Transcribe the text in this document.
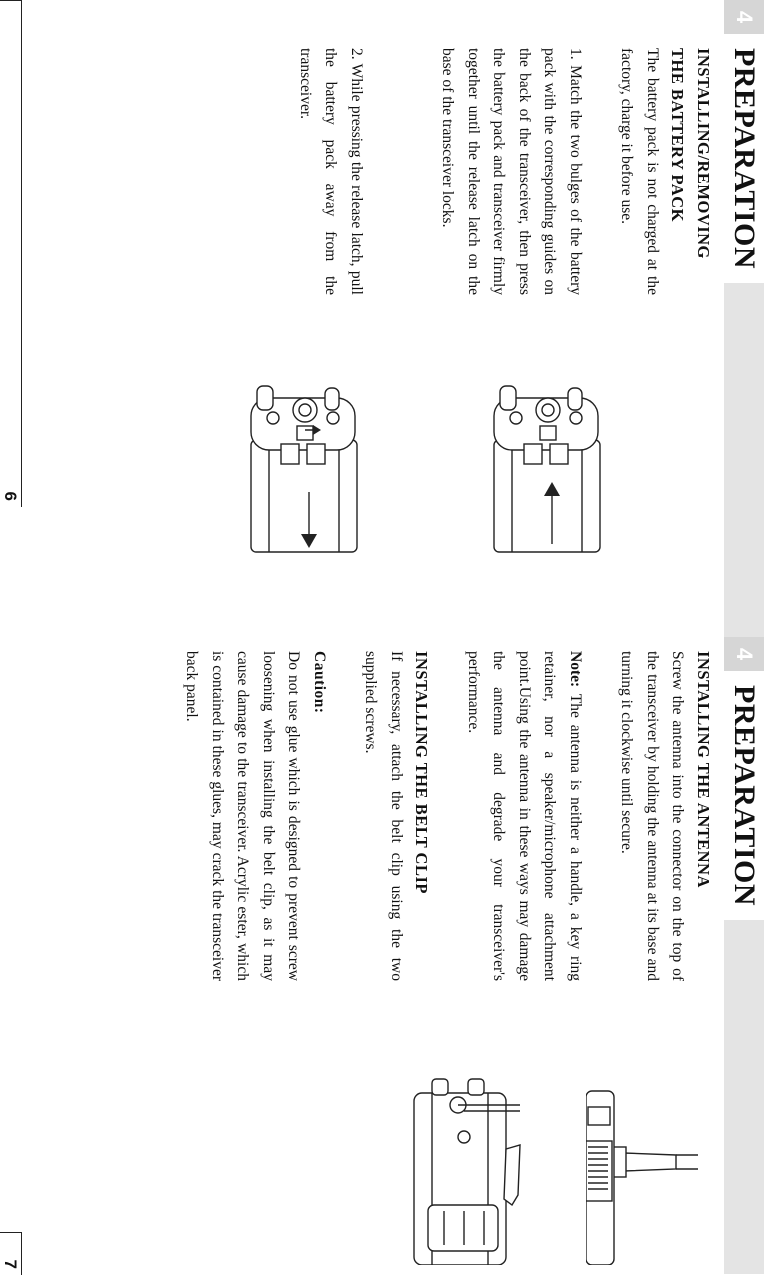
4
PREPARATION

INSTALLING/REMOVING THE BATTERY PACK

The battery pack is not charged at the factory, charge it before use.

1. Match the two bulges of the battery pack with the corresponding guides on the back of the transceiver, then press the battery pack and transceiver firmly together until the release latch on the base of the transceiver locks.

2. While pressing the release latch, pull the battery pack away from the transceiver.

6
4
PREPARATION

INSTALLING THE ANTENNA

Screw the antenna into the connector on the top of the transceiver by holding the antenna at its base and turning it clockwise until secure.

Note: The antenna is neither a handle, a key ring retainer, nor a speaker/microphone attachment point.Using the antenna in these ways may damage the antenna and degrade your transceiver's performance.

INSTALLING THE BELT CLIP

If necessary, attach the belt clip using the two supplied screws.

Caution:

Do not use glue which is designed to prevent screw loosening when installing the belt clip, as it may cause damage to the transceiver. Acrylic ester, which is contained in these glues, may crack the transceiver back panel.

7
